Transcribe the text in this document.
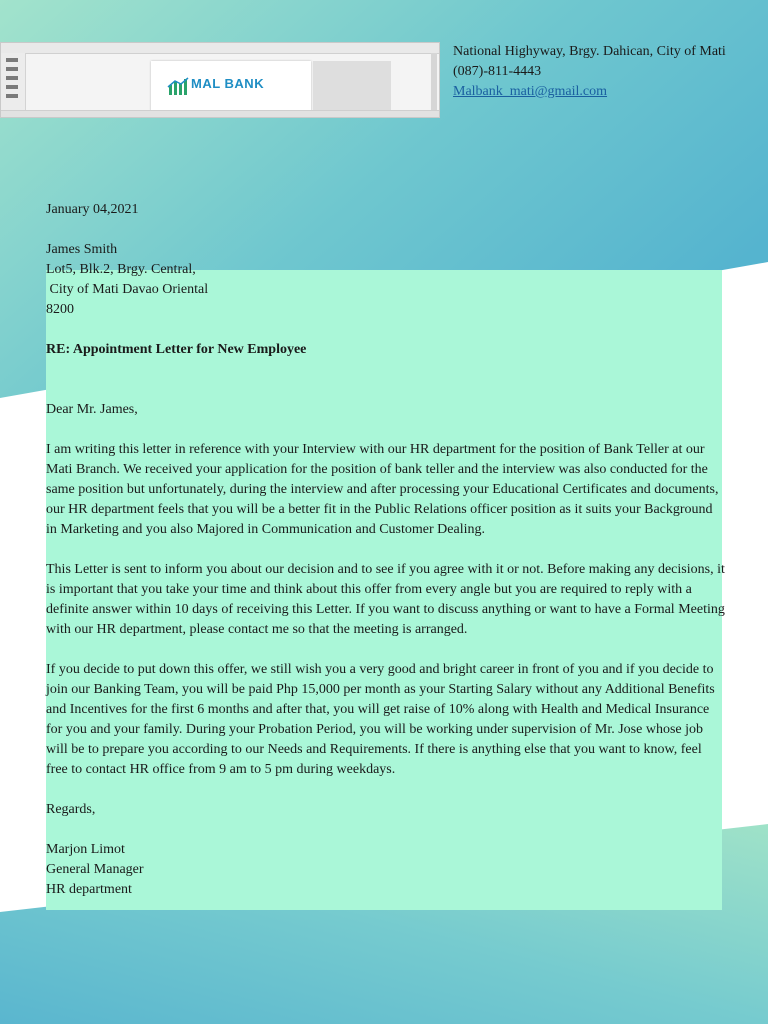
MAL BANK
National Highyway, Brgy. Dahican, City of Mati
(087)-811-4443
Malbank_mati@gmail.com

January 04,2021

James Smith

Lot5, Blk.2, Brgy. Central,

City of Mati Davao Oriental

8200

RE: Appointment Letter for New Employee

Dear Mr. James,

I am writing this letter in reference with your Interview with our HR department for the position of Bank Teller at our Mati Branch. We received your application for the position of bank teller and the interview was also conducted for the same position but unfortunately, during the interview and after processing your Educational Certificates and documents, our HR department feels that you will be a better fit in the Public Relations officer position as it suits your Background in Marketing and you also Majored in Communication and Customer Dealing.

This Letter is sent to inform you about our decision and to see if you agree with it or not. Before making any decisions, it is important that you take your time and think about this offer from every angle but you are required to reply with a definite answer within 10 days of receiving this Letter. If you want to discuss anything or want to have a Formal Meeting with our HR department, please contact me so that the meeting is arranged.

If you decide to put down this offer, we still wish you a very good and bright career in front of you and if you decide to join our Banking Team, you will be paid Php 15,000 per month as your Starting Salary without any Additional Benefits and Incentives for the first 6 months and after that, you will get raise of 10% along with Health and Medical Insurance for you and your family. During your Probation Period, you will be working under supervision of Mr. Jose whose job will be to prepare you according to our Needs and Requirements. If there is anything else that you want to know, feel free to contact HR office from 9 am to 5 pm during weekdays.

Regards,

Marjon Limot

General Manager

HR department
